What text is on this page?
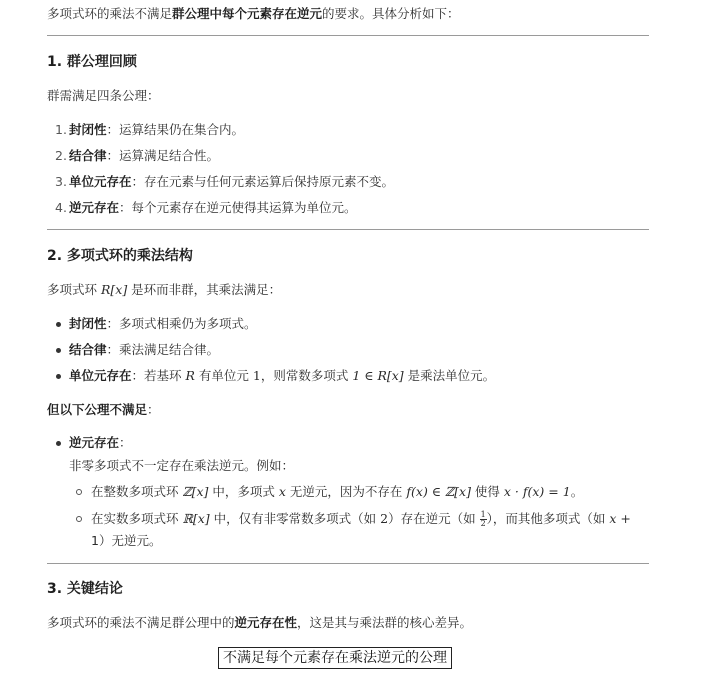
多项式环的乘法不满足群公理中每个元素存在逆元的要求。具体分析如下：
1. 群公理回顾
群需满足四条公理：
1. 封闭性：运算结果仍在集合内。
2. 结合律：运算满足结合性。
3. 单位元存在：存在元素与任何元素运算后保持原元素不变。
4. 逆元存在：每个元素存在逆元使得其运算为单位元。
2. 多项式环的乘法结构
多项式环 R[x] 是环而非群，其乘法满足：
封闭性：多项式相乘仍为多项式。
结合律：乘法满足结合律。
单位元存在：若基环 R 有单位元 1，则常数多项式 1 ∈ R[x] 是乘法单位元。
但以下公理不满足：
逆元存在：
非零多项式不一定存在乘法逆元。例如：
在整数多项式环 ℤ[x] 中，多项式 x 无逆元，因为不存在 f(x) ∈ ℤ[x] 使得 x · f(x) = 1。
在实数多项式环 ℝ[x] 中，仅有非零常数多项式（如 2）存在逆元（如 $\frac{1}{2}$ ），而其他多项式（如 x +
1）无逆元。
3. 关键结论
多项式环的乘法不满足群公理中的逆元存在性，这是其与乘法群的核心差异。
不满足每个元素存在乘法逆元的公理
